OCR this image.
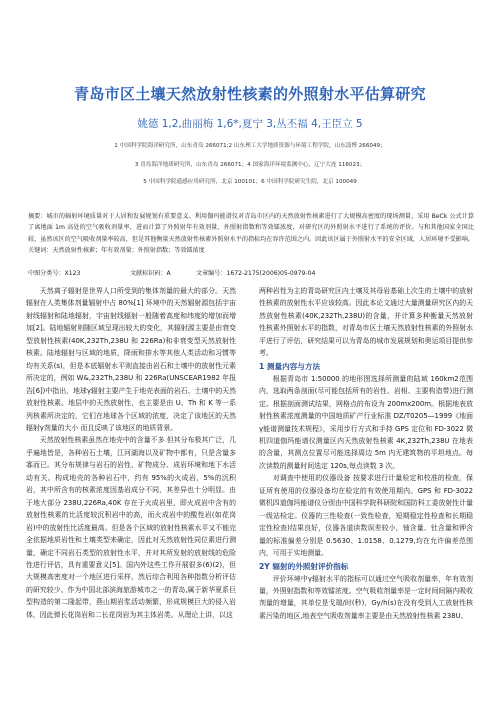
青岛市区土壤天然放射性核素的外照射水平估算研究
姚德 1,2,曲丽梅 1,6*,夏宁 3,丛丕福 4,王臣立 5
1 中国科学院海洋研究所，山东青岛 266071;2 山东理工大学地质资源与环境工程学院，山东淄博 266049；
3 青岛海洋地质研究所，山东青岛 266071；4 国家海洋环境监测中心，辽宁大连 116023；
5 中国科学院遥感应用研究所，北京 100101；6 中国科学院研究生院，北京 100049
摘要：城市的辐射环境质量对于人居和发展规划有重要意义。利用伽玛能谱仪对青岛市区内的天然放射性核素进行了大规模高密度的现场测量，采用 BeCk 公式计算了离地面 1m 高处的空气吸收剂量率，进而计算了外照射年有效剂量、外照射指数和等效镭浓度，对研究区的外照射水平进行了系统的评价。与和其他国家全国比较，虽然该区的空气吸收剂量率较高，但是其他衡量天然放射性核素外照射水平的指标均在容许范围之内。因此该区属于外照射水平的安全区域，人居环境不受影响。关键词：天然放射性核素；年有效剂量；外照射指数；等效镭浓度
中图分类号：X123	文献标识码：A	文章编号：1672-2175(2006)05-0979-04

天然离子辐射是世界人口所受到的集体剂量的最大的部分。天然辐射在人类集体剂量辐射中占 80%[1] 环境中的天然辐射源包括宇宙射线辐射和陆地辐射，宇宙射线辐射一般随着高度和纬度的增加而增加[2]。陆地辐射则随区域呈现出较大的变化，其辐射源主要是由衰变型放射性核素(40K,232Th,238U 和 226Ra)和非衰变型天然放射性核素。陆地辐射与区域的地质，降雨和排水等其他人类活动和习惯等均有关系(s)，但是本底辐射水平则直接由岩石和土壤中的放射性元素所决定的，例如 W&,232Th,238U 和 226Ra(UNSCEAR1982 年报告[6])中指出，地球γ辐射主要产生于地壳表面的岩石、土壤中的天然放射性核素。地层中的天然放射性，也主要是由 U、Th 和 K 等一系列核素所决定的，它们在地球各个区域的浓度，决定了该地区的天然辐射γ剂量的大小 而且反映了该地区的地质背景。

天然放射性核素虽然在地壳中的含量不多 但其分布极其广泛，几乎遍地皆是，各种岩石土壤，江河湖海以及矿物中都有，只是含量多寡而已。其分布规律与岩石的岩性、矿物成分、成岩环境和地下水活动有关。构成地壳的各种岩石中，约有 95%的火成岩，5%的沉积岩，其中所含有的核素浓度因基岩成分不同，其差异也十分明显。由于地大部分 238U,226Ra,40K 存在于火成岩里，即火成岩中含有的放射性核素的比活度较沉积岩中的高，而火成岩中的酸性岩(如花岗岩)中的放射性比活度最高。但是各个区域的放射性核素水平又不能完全依据地质岩性和土壤类型来确定，因此对天然放射性同位素进行测量，确定不同岩石类型的放射性水平，并对其所发射的放射线的危险性进行评估，具有重要意义[5]。国内外这些工作开展很多(6)(2)，但大规模高密度对一个地区进行采样，然后综合利用各种指数分析评估的研究较少。作为中国北部滨海旅游城市之一的青岛,属于新华夏系巨型构造的第二隆起带，燕山期岩浆活动频繁，形成规模巨大的侵入岩体，因此弹长花岗岩和二长花岗岩为其主体岩类。从理论上讲，以这

两种岩性为主的青岛研究区内土壤及其母岩基础上次生的土壤中的放射性核素的放射性水平应该较高。因此本论文通过大量测量研究区内的天然放射性核素(40K,232Th,238U)的含量，并计算多种衡量天然放射性核素外照射水平的指数，对青岛市区土壤天然放射性核素的外照射水平进行了评估，研究结果可以为青岛的城市发展规划和奥运项目提供参考。

1 测量内容与方法

根据青岛市 1:50000 的地形图选择所测量的陆域 160km2范围内，选取两条剖面(尽可能包括所有的岩性、岩相、主要构造带)进行测定。根据剖面测试结果，网格点的布设为 200mx200m。根据地表放射性核素浓度测量的中国地质矿产行业标准 DZ/T0205—1999《地面γ能谱测量技术规程》，采用步行方式和手持 GPS 定位和 FD-3022 微机四道伽玛能谱仪测量区内天然放射性核素 4K,232Th,238U 在地表的含量，其测点位置尽可能选择周边 5m 内无建筑物的平坦地点。每次读数的测量时间选定 120s,每点读数 3 次。

对调查中使用的仪器设备 按要求进行计量检定和校准的检查，保证所有使用的仪器设备均在检定的有效使用期内。GPS 和 FD-3022 微机四道伽玛能谱仪分别由中国科学院科研院和国防科工委放射性计量一级站检定。仪器的三性检查(一致性检查，短期稳定性检查和长期稳定性检查)结果良好，仪器各道读数误差较小，铀含量、钍含量和钾含量的标准偏差分别是 0.5630、1.0158、0.1279,均在允许偏差范围内，可用于实地测量。

2Y 辐射的外照射评价指标

评价环境中γ辐射水平的指标可以通过空气吸收剂量率，年有效剂量，外照射指数和等效镭浓度。空气吸收剂量率是一定时间间隔内吸收剂量的增量，其单位是戈瑞/时(秒)，Gy/h(s)在没有受到人工放射性核素污染的地区,地表空气吸收剂量率主要是由天然放射性核素 238U、
